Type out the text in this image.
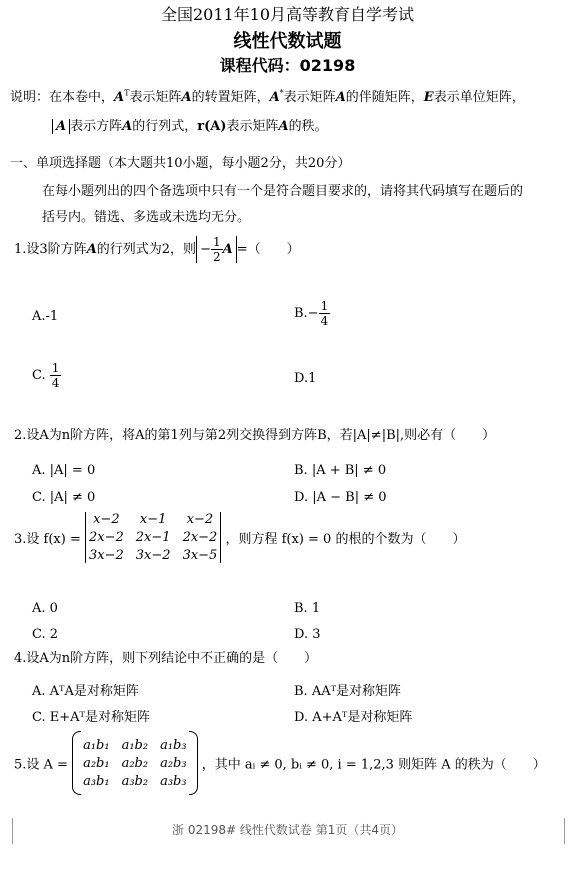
全国2011年10月高等教育自学考试
线性代数试题
课程代码：02198
说明：在本卷中，$A^T$表示矩阵A的转置矩阵，A*表示矩阵A的伴随矩阵，E表示单位矩阵，
A 表示方阵A的行列式，r(A)表示矩阵A的秩。
一、单项选择题（本大题共10小题，每小题2分，共20分）
在每小题列出的四个备选项中只有一个是符合题目要求的，请将其代码填写在题后的
括号内。错选、多选或未选均无分。
1.设3阶方阵A的行列式为2，则 − $\frac{1}{2}$ A =（　　）
A.-1	$B.- \frac{1}{4}$
C. $\frac{1}{4}$	D.1
2.设A为n阶方阵，将A的第1列与第2列交换得到方阵B，若|A|≠|B|,则必有（　　）
A. |A| = 0	B. |A + B| ≠ 0
C. |A| ≠ 0	D. |A − B| ≠ 0
3.设 f(x) =
x−2	x−1	x−2
2x−2 2x−1 2x−2
3x−2 3x−2 3x−5
，则方程 f(x) = 0 的根的个数为（　　）
A. 0	B. 1
C. 2	D. 3
4.设A为n阶方阵，则下列结论中不正确的是（　　）
A. AᵀA是对称矩阵	B. AAᵀ是对称矩阵
C. E+Aᵀ是对称矩阵	D. A+Aᵀ是对称矩阵
5.设 A =
a₁b₁ a₁b₂ a₁b₃
a₂b₁ a₂b₂ a₂b₃
a₃b₁ a₃b₂ a₃b₃
，其中 aᵢ ≠ 0, bᵢ ≠ 0, i = 1,2,3 则矩阵 A 的秩为（　　）
浙 02198# 线性代数试卷 第1页（共4页）
